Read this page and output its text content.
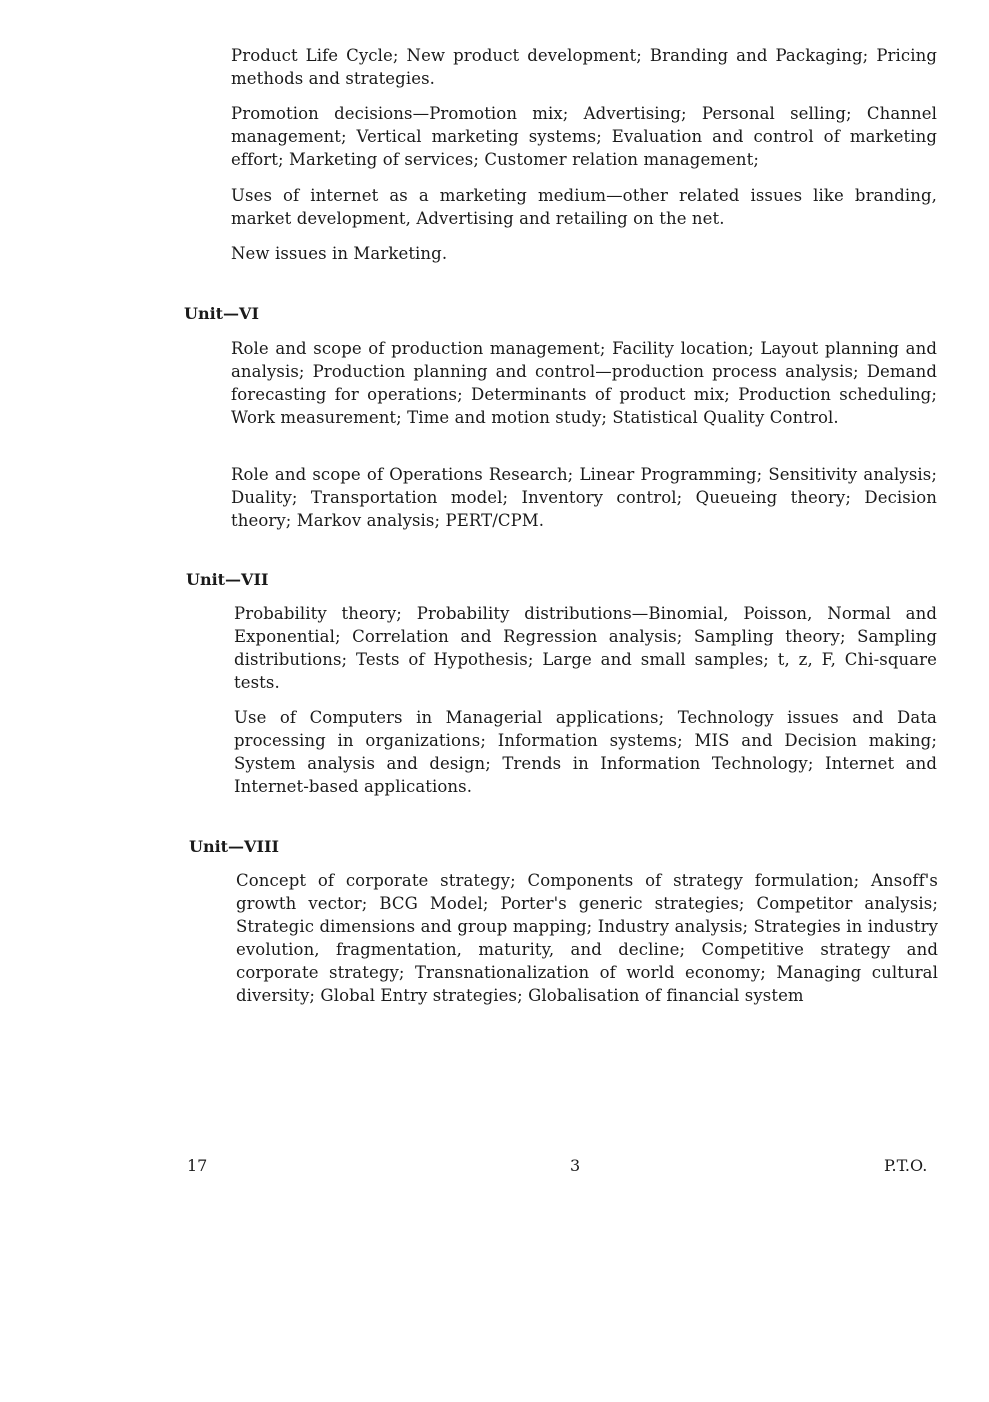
Product Life Cycle; New product development; Branding and Packaging; Pricing methods and strategies.

Promotion decisions—Promotion mix; Advertising; Personal selling; Channel management; Vertical marketing systems; Evaluation and control of marketing effort; Marketing of services; Customer relation management;

Uses of internet as a marketing medium—other related issues like branding, market development, Advertising and retailing on the net.

New issues in Marketing.

Unit—VI

Role and scope of production management; Facility location; Layout planning and analysis; Production planning and control—production process analysis; Demand forecasting for operations; Determinants of product mix; Production scheduling; Work measurement; Time and motion study; Statistical Quality Control.

Role and scope of Operations Research; Linear Programming; Sensitivity analysis; Duality; Transportation model; Inventory control; Queueing theory; Decision theory; Markov analysis; PERT/CPM.

Unit—VII

Probability theory; Probability distributions—Binomial, Poisson, Normal and Exponential; Correlation and Regression analysis; Sampling theory; Sampling distributions; Tests of Hypothesis; Large and small samples; t, z, F, Chi-square tests.

Use of Computers in Managerial applications; Technology issues and Data processing in organizations; Information systems; MIS and Decision making; System analysis and design; Trends in Information Technology; Internet and Internet-based applications.

Unit—VIII

Concept of corporate strategy; Components of strategy formulation; Ansoff's growth vector; BCG Model; Porter's generic strategies; Competitor analysis; Strategic dimensions and group mapping; Industry analysis; Strategies in industry evolution, fragmentation, maturity, and decline; Competitive strategy and corporate strategy; Transnationalization of world economy; Managing cultural diversity; Global Entry strategies; Globalisation of financial system

17	3	P.T.O.
